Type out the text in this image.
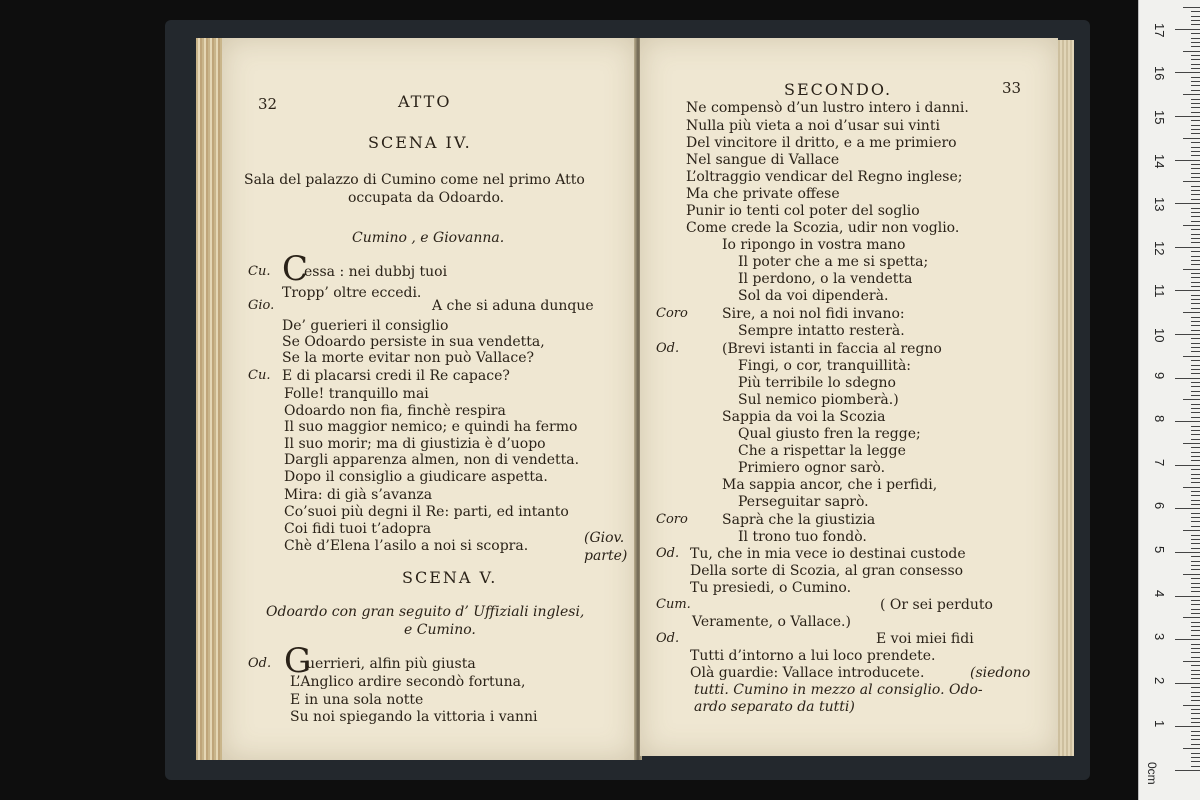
32	ATTO
SCENA IV.
Sala del palazzo di Cumino come nel primo Atto
occupata da Odoardo.
Cumino , e Giovanna.
Cu. C
essa : nei dubbj tuoi
Tropp’ oltre eccedi.
Gio.	A che si aduna dunque
De’ guerieri il consiglio
Se Odoardo persiste in sua vendetta,
Se la morte evitar non può Vallace?
Cu. E di placarsi credi il Re capace?
Folle! tranquillo mai
Odoardo non fia, finchè respira
Il suo maggior nemico; e quindi ha fermo
Il suo morir; ma di giustizia è d’uopo
Dargli apparenza almen, non di vendetta.
Dopo il consiglio a giudicare aspetta.
Mira: di già s’avanza
Co’suoi più degni il Re: parti, ed intanto
Coi fidi tuoi t’adopra
Chè d’Elena l’asilo a noi si scopra.	(Giov.
parte)
SCENA V.
Odoardo con gran seguito d’ Uffiziali inglesi,
e Cumino.
Od. G
uerrieri, alfin più giusta
L’Anglico ardire secondò fortuna,
E in una sola notte
Su noi spiegando la vittoria i vanni
SECONDO.	33
Ne compensò d’un lustro intero i danni.
Nulla più vieta a noi d’usar sui vinti
Del vincitore il dritto, e a me primiero
Nel sangue di Vallace
L’oltraggio vendicar del Regno inglese;
Ma che private offese
Punir io tenti col poter del soglio
Come crede la Scozia, udir non voglio.
Io ripongo in vostra mano
Il poter che a me si spetta;
Il perdono, o la vendetta
Sol da voi dipenderà.
Coro Sire, a noi nol fidi invano:
Sempre intatto resterà.
Od.	(Brevi istanti in faccia al regno
Fingi, o cor, tranquillità:
Più terribile lo sdegno
Sul nemico piomberà.)
Sappia da voi la Scozia
Qual giusto fren la regge;
Che a rispettar la legge
Primiero ognor sarò.
Ma sappia ancor, che i perfidi,
Perseguitar saprò.
Coro Saprà che la giustizia
Il trono tuo fondò.
Od. Tu, che in mia vece io destinai custode
Della sorte di Scozia, al gran consesso
Tu presiedi, o Cumino.
Cum.	( Or sei perduto
Veramente, o Vallace.)
Od.	E voi miei fidi
Tutti d’intorno a lui loco prendete.
Olà guardie: Vallace introducete.	(siedono
tutti. Cumino in mezzo al consiglio. Odo-
ardo separato da tutti)
1
2
3
4
5
6
7
8
9
10
11
12
13
14
15
16
17
0cm
